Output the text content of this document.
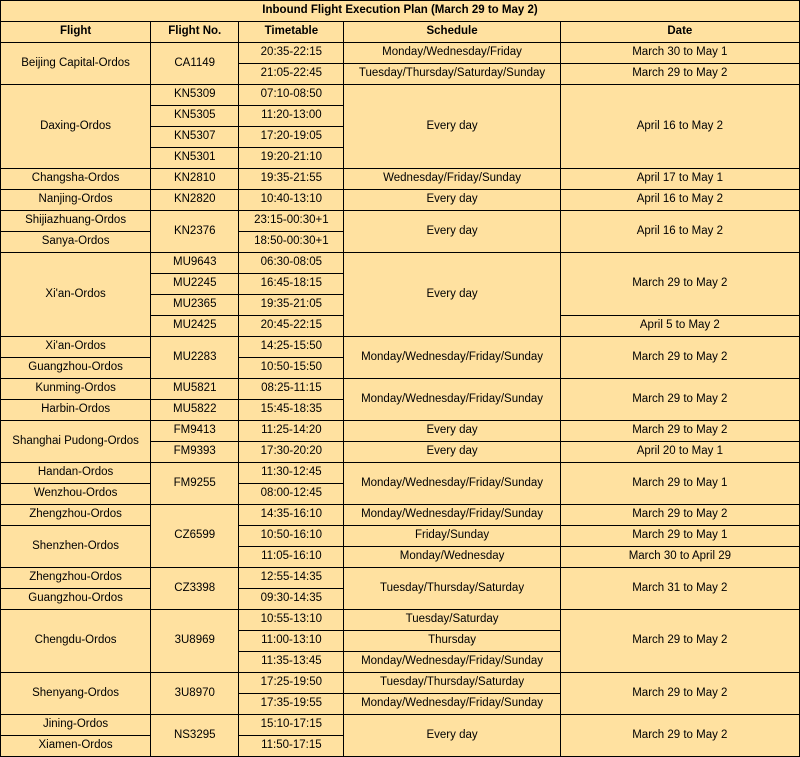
Inbound Flight Execution Plan (March 29 to May 2)				
Flight	Flight No.	Timetable	Schedule	Date
Beijing Capital-Ordos	CA1149	20:35-22:15	Monday/Wednesday/Friday	March 30 to May 1
		21:05-22:45	Tuesday/Thursday/Saturday/Sunday	March 29 to May 2
Daxing-Ordos	KN5309	07:10-08:50	Every day	April 16 to May 2
	KN5305	11:20-13:00		
	KN5307	17:20-19:05		
	KN5301	19:20-21:10		
Changsha-Ordos	KN2810	19:35-21:55	Wednesday/Friday/Sunday	April 17 to May 1
Nanjing-Ordos	KN2820	10:40-13:10	Every day	April 16 to May 2
Shijiazhuang-Ordos	KN2376	23:15-00:30+1	Every day	April 16 to May 2
Sanya-Ordos		18:50-00:30+1		
Xi'an-Ordos	MU9643	06:30-08:05	Every day	March 29 to May 2
	MU2245	16:45-18:15		
	MU2365	19:35-21:05		
	MU2425	20:45-22:15		April 5 to May 2
Xi'an-Ordos	MU2283	14:25-15:50	Monday/Wednesday/Friday/Sunday	March 29 to May 2
Guangzhou-Ordos		10:50-15:50		
Kunming-Ordos	MU5821	08:25-11:15	Monday/Wednesday/Friday/Sunday	March 29 to May 2
Harbin-Ordos	MU5822	15:45-18:35		
Shanghai Pudong-Ordos	FM9413	11:25-14:20	Every day	March 29 to May 2
	FM9393	17:30-20:20	Every day	April 20 to May 1
Handan-Ordos	FM9255	11:30-12:45	Monday/Wednesday/Friday/Sunday	March 29 to May 1
Wenzhou-Ordos		08:00-12:45		
Zhengzhou-Ordos	CZ6599	14:35-16:10	Monday/Wednesday/Friday/Sunday	March 29 to May 2
Shenzhen-Ordos		10:50-16:10	Friday/Sunday	March 29 to May 1
		11:05-16:10	Monday/Wednesday	March 30 to April 29
Zhengzhou-Ordos	CZ3398	12:55-14:35	Tuesday/Thursday/Saturday	March 31 to May 2
Guangzhou-Ordos		09:30-14:35		
Chengdu-Ordos	3U8969	10:55-13:10	Tuesday/Saturday	March 29 to May 2
		11:00-13:10	Thursday	
		11:35-13:45	Monday/Wednesday/Friday/Sunday	
Shenyang-Ordos	3U8970	17:25-19:50	Tuesday/Thursday/Saturday	March 29 to May 2
		17:35-19:55	Monday/Wednesday/Friday/Sunday	
Jining-Ordos	NS3295	15:10-17:15	Every day	March 29 to May 2
Xiamen-Ordos		11:50-17:15		
